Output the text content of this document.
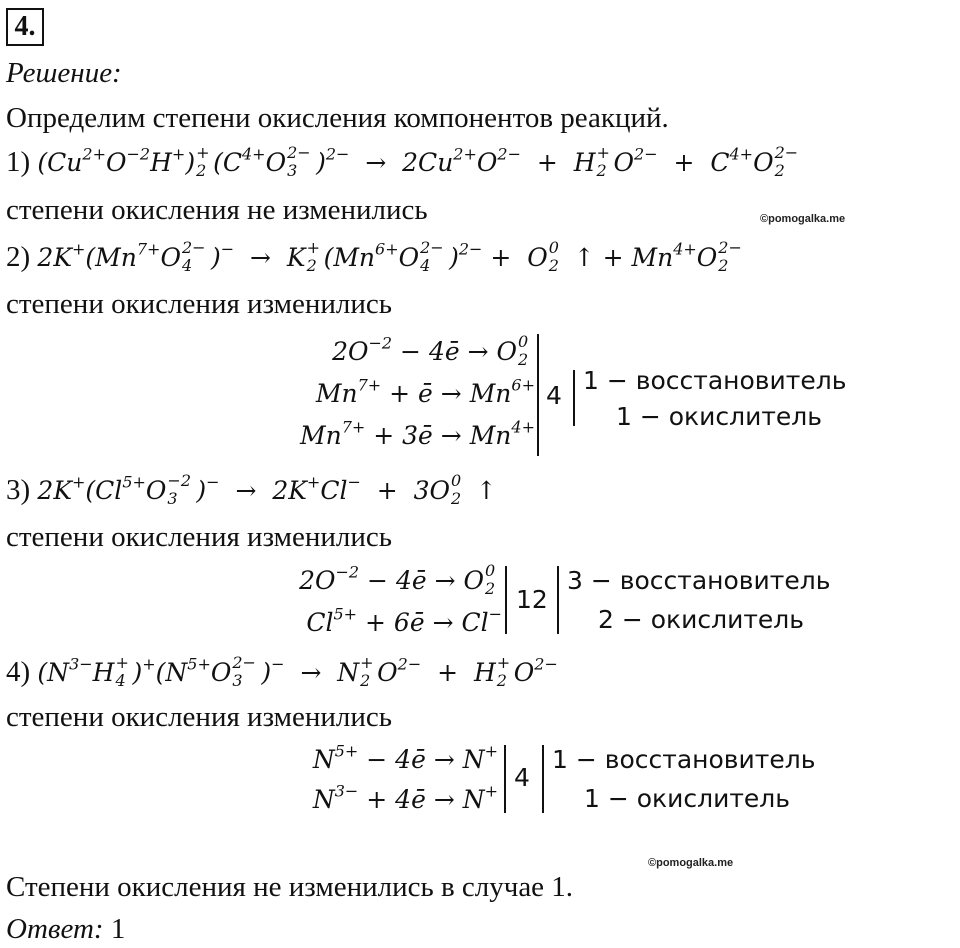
4.
Решение:
Определим степени окисления компонентов реакций.
1) $(Cu^{2+}O^{-2}H^+)$ +
2 ($C^{4+}O$ 2−
3 )$^{2-} \to 2Cu^{2+}O^{2-} + H$ +
2 $O^{2-} + C^{4+}O$ 2−
2
степени окисления не изменились	©pomogalka.me
2) $2K^+(Mn^{7+}O$ 2−
4 )−  →  K +
2 ($Mn^{6+}O$ 2−
4 )$^{2-}$ +  O 0
2 ↑ + $Mn^{4+}O$ 2−
2
степени окисления изменились
$2O^{-2}$ − 4ē → O 0
2
$Mn^{7+}$ + ē → $Mn^{6+}$
$Mn^{7+}$ + 3ē → $Mn^{4+}$
4
1 − восстановитель
1 − окислитель
3) $2K^+(Cl^{5+}O -2$
3 )−  →  2K+Cl−  +  3O 0
2 ↑
степени окисления изменились
$2O^{-2}$ − 4ē → O 0
2
$Cl^{5+}$ + 6ē → Cl− 12
3 − восстановитель
2 − окислитель
4) ($N^{3-}H$ +
4 )$^+(N^{5+}O$ 2−
3 )−  →  N +
2 $O^{2-} + H$ +
2 $O^{2-}$
степени окисления изменились
$N^{5+}$ − 4ē → N+
$N^{3-}$ + 4ē → N+ 4
1 − восстановитель
1 − окислитель
©pomogalka.me
Степени окисления не изменились в случае 1.
Ответ: 1
